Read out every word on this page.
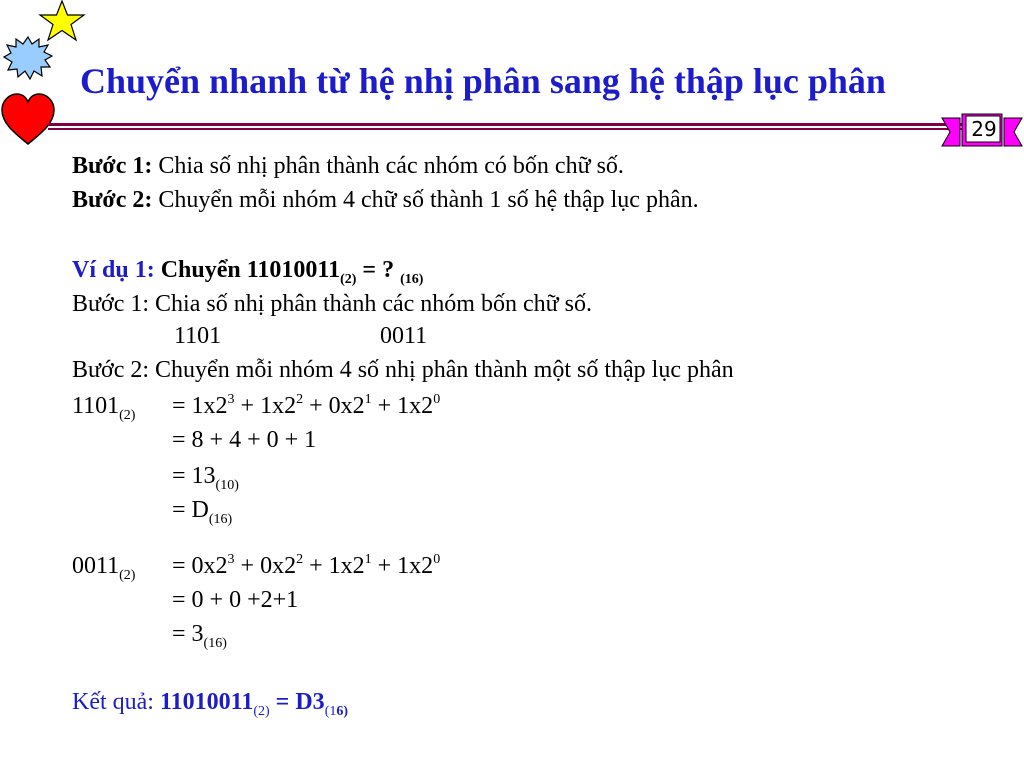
Chuyển nhanh từ hệ nhị phân sang hệ thập lục phân
29
Bước 1: Chia số nhị phân thành các nhóm có bốn chữ số.
Bước 2: Chuyển mỗi nhóm 4 chữ số thành 1 số hệ thập lục phân.
Ví dụ 1: Chuyển $11010011_{(2)}$ = ? $_{(16)}$
Bước 1: Chia số nhị phân thành các nhóm bốn chữ số.
1101	0011
Bước 2: Chuyển mỗi nhóm 4 số nhị phân thành một số thập lục phân
$1101_{(2)} = 1x2^3 + 1x2^2 + 0x2^1 + 1x2^0$
= 8 + 4 + 0 + 1
= $13_{(10)}$
= $D_{(16)}$
$0011_{(2)} = 0x2^3 + 0x2^2 + 1x2^1 + 1x2^0$
= 0 + 0 +2+1
= $3_{(16)}$
Kết quả: $11010011_{(2)} = D3_{(16)}$
